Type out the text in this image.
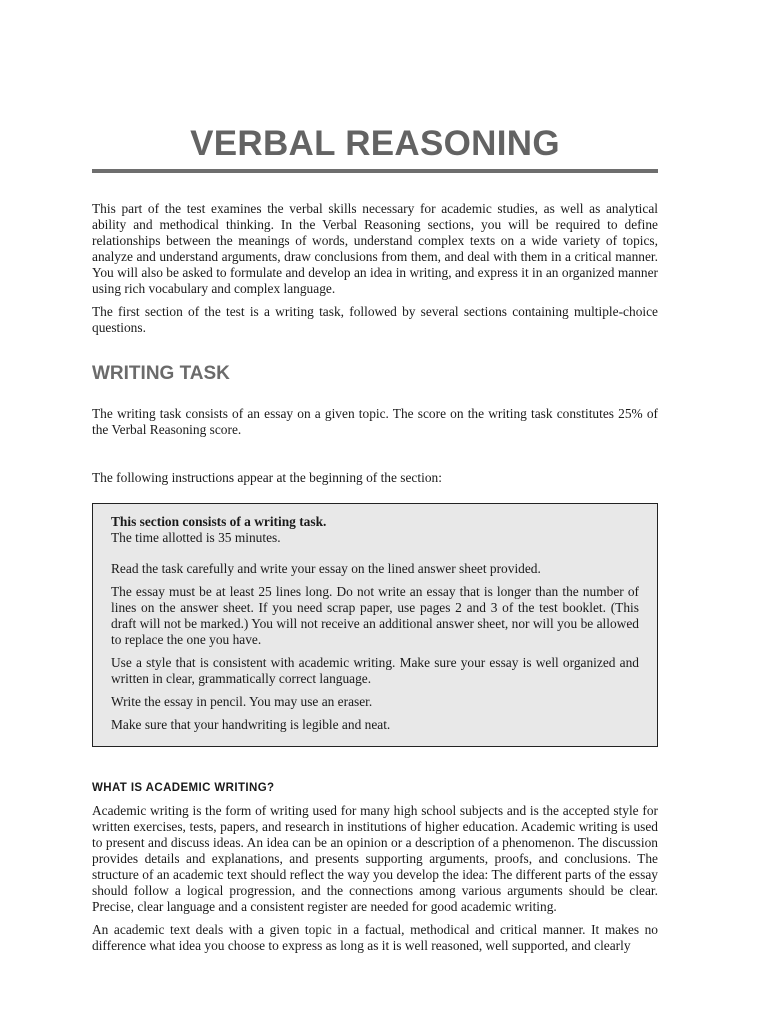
VERBAL REASONING

This part of the test examines the verbal skills necessary for academic studies, as well as analytical ability and methodical thinking. In the Verbal Reasoning sections, you will be required to define relationships between the meanings of words, understand complex texts on a wide variety of topics, analyze and understand arguments, draw conclusions from them, and deal with them in a critical manner. You will also be asked to formulate and develop an idea in writing, and express it in an organized manner using rich vocabulary and complex language.

The first section of the test is a writing task, followed by several sections containing multiple-choice questions.

WRITING TASK

The writing task consists of an essay on a given topic. The score on the writing task constitutes 25% of the Verbal Reasoning score.

The following instructions appear at the beginning of the section:

This section consists of a writing task.
The time allotted is 35 minutes.

Read the task carefully and write your essay on the lined answer sheet provided.

The essay must be at least 25 lines long. Do not write an essay that is longer than the number of lines on the answer sheet. If you need scrap paper, use pages 2 and 3 of the test booklet. (This draft will not be marked.) You will not receive an additional answer sheet, nor will you be allowed to replace the one you have.

Use a style that is consistent with academic writing. Make sure your essay is well organized and written in clear, grammatically correct language.

Write the essay in pencil. You may use an eraser.

Make sure that your handwriting is legible and neat.

WHAT IS ACADEMIC WRITING?

Academic writing is the form of writing used for many high school subjects and is the accepted style for written exercises, tests, papers, and research in institutions of higher education. Academic writing is used to present and discuss ideas. An idea can be an opinion or a description of a phenomenon. The discussion provides details and explanations, and presents supporting arguments, proofs, and conclusions. The structure of an academic text should reflect the way you develop the idea: The different parts of the essay should follow a logical progression, and the connections among various arguments should be clear. Precise, clear language and a consistent register are needed for good academic writing.

An academic text deals with a given topic in a factual, methodical and critical manner. It makes no difference what idea you choose to express as long as it is well reasoned, well supported, and clearly
